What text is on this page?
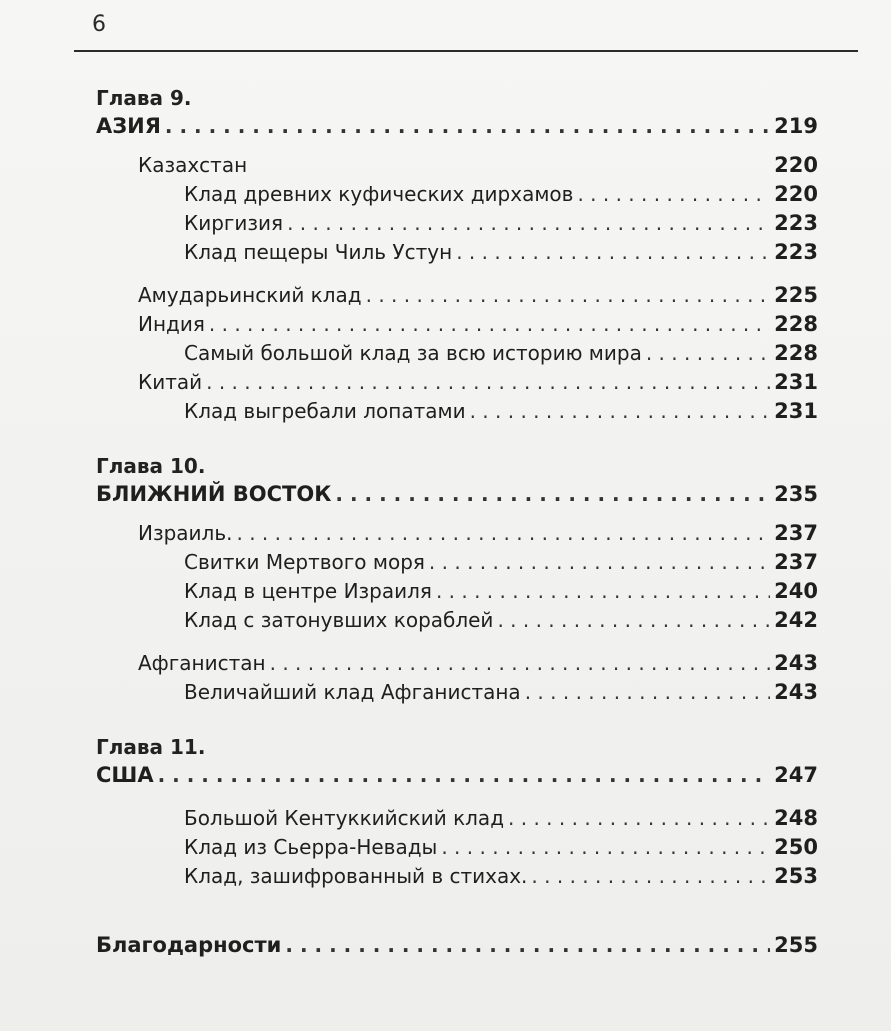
6
Глава 9.
АЗИЯ . . .	219
Казахстан	220
Клад древних куфических дирхамов . . .	220
Киргизия . . .	223
Клад пещеры Чиль Устун . . .	223
Амударьинский клад . . .	225
Индия . . .	228
Самый большой клад за всю историю мира . . .	228
Китай . . .	231
Клад выгребали лопатами . . .	231
Глава 10.
БЛИЖНИЙ ВОСТОК . . .	235
Израиль. . . .	237
Свитки Мертвого моря . . .	237
Клад в центре Израиля . . .	240
Клад с затонувших кораблей . . .	242
Афганистан . . .	243
Величайший клад Афганистана . . .	243
Глава 11.
США . . .	247
Большой Кентуккийский клад . . .	248
Клад из Сьерра-Невады . . .	250
Клад, зашифрованный в стихах. . . .	253
Благодарности . . .	255
